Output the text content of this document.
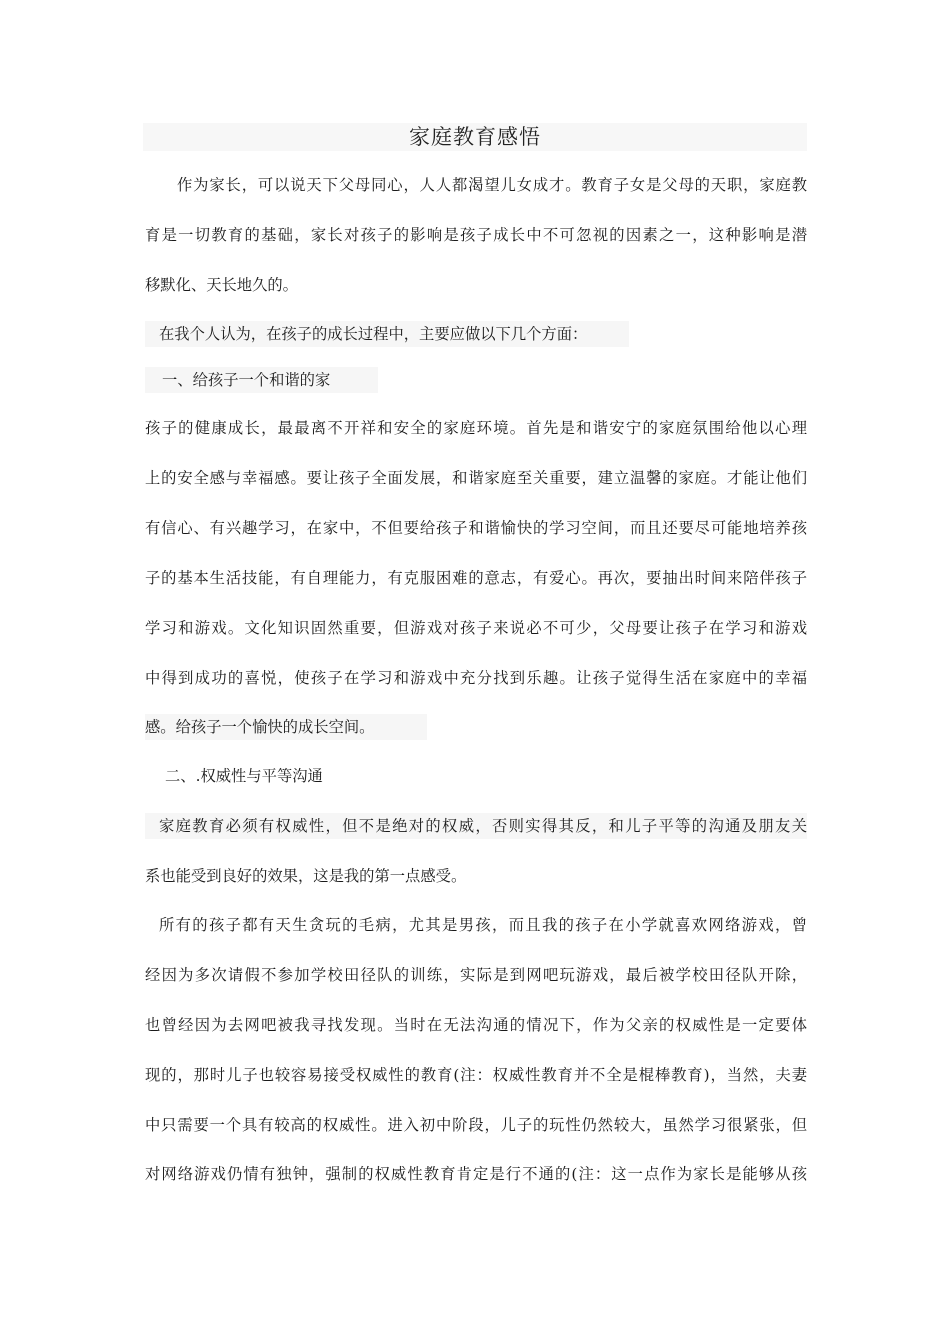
家庭教育感悟
作为家长，可以说天下父母同心，人人都渴望儿女成才。教育子女是父母的天职，家庭教
育是一切教育的基础，家长对孩子的影响是孩子成长中不可忽视的因素之一，这种影响是潜
移默化、天长地久的。
在我个人认为，在孩子的成长过程中，主要应做以下几个方面：
一、给孩子一个和谐的家
孩子的健康成长，最最离不开祥和安全的家庭环境。首先是和谐安宁的家庭氛围给他以心理
上的安全感与幸福感。要让孩子全面发展，和谐家庭至关重要，建立温馨的家庭。才能让他们
有信心、有兴趣学习，在家中，不但要给孩子和谐愉快的学习空间，而且还要尽可能地培养孩
子的基本生活技能，有自理能力，有克服困难的意志，有爱心。再次，要抽出时间来陪伴孩子
学习和游戏。文化知识固然重要，但游戏对孩子来说必不可少，父母要让孩子在学习和游戏
中得到成功的喜悦，使孩子在学习和游戏中充分找到乐趣。让孩子觉得生活在家庭中的幸福
感。给孩子一个愉快的成长空间。
二、.权威性与平等沟通
家庭教育必须有权威性，但不是绝对的权威，否则实得其反，和儿子平等的沟通及朋友关
系也能受到良好的效果，这是我的第一点感受。
所有的孩子都有天生贪玩的毛病，尤其是男孩，而且我的孩子在小学就喜欢网络游戏，曾
经因为多次请假不参加学校田径队的训练，实际是到网吧玩游戏，最后被学校田径队开除，
也曾经因为去网吧被我寻找发现。当时在无法沟通的情况下，作为父亲的权威性是一定要体
现的，那时儿子也较容易接受权威性的教育(注：权威性教育并不全是棍棒教育)，当然，夫妻
中只需要一个具有较高的权威性。进入初中阶段，儿子的玩性仍然较大，虽然学习很紧张，但
对网络游戏仍情有独钟，强制的权威性教育肯定是行不通的(注：这一点作为家长是能够从孩
